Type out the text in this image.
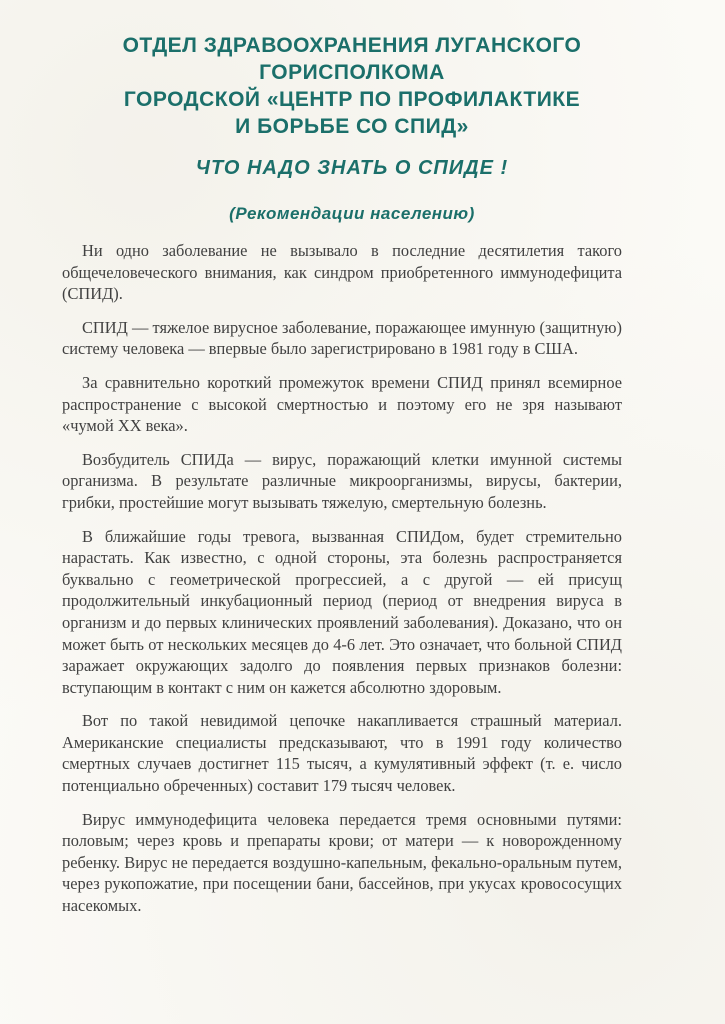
ОТДЕЛ ЗДРАВООХРАНЕНИЯ ЛУГАНСКОГО
ГОРИСПОЛКОМА
ГОРОДСКОЙ «ЦЕНТР ПО ПРОФИЛАКТИКЕ
И БОРЬБЕ СО СПИД»
ЧТО НАДО ЗНАТЬ О СПИДЕ !
(Рекомендации населению)

Ни одно заболевание не вызывало в последние десятилетия такого общечеловеческого внимания, как синдром приобретенного иммунодефицита (СПИД).

СПИД — тяжелое вирусное заболевание, поражающее имунную (защитную) систему человека — впервые было зарегистрировано в 1981 году в США.

За сравнительно короткий промежуток времени СПИД принял всемирное распространение с высокой смертностью и поэтому его не зря называют «чумой XX века».

Возбудитель СПИДа — вирус, поражающий клетки имунной системы организма. В результате различные микроорганизмы, вирусы, бактерии, грибки, простейшие могут вызывать тяжелую, смертельную болезнь.

В ближайшие годы тревога, вызванная СПИДом, будет стремительно нарастать. Как известно, с одной стороны, эта болезнь распространяется буквально с геометрической прогрессией, а с другой — ей присущ продолжительный инкубационный период (период от внедрения вируса в организм и до первых клинических проявлений заболевания). Доказано, что он может быть от нескольких месяцев до 4-6 лет. Это означает, что больной СПИД заражает окружающих задолго до появления первых признаков болезни: вступающим в контакт с ним он кажется абсолютно здоровым.

Вот по такой невидимой цепочке накапливается страшный материал. Американские специалисты предсказывают, что в 1991 году количество смертных случаев достигнет 115 тысяч, а кумулятивный эффект (т. е. число потенциально обреченных) составит 179 тысяч человек.

Вирус иммунодефицита человека передается тремя основными путями: половым; через кровь и препараты крови; от матери — к новорожденному ребенку. Вирус не передается воздушно-капельным, фекально-оральным путем, через рукопожатие, при посещении бани, бассейнов, при укусах кровососущих насекомых.
